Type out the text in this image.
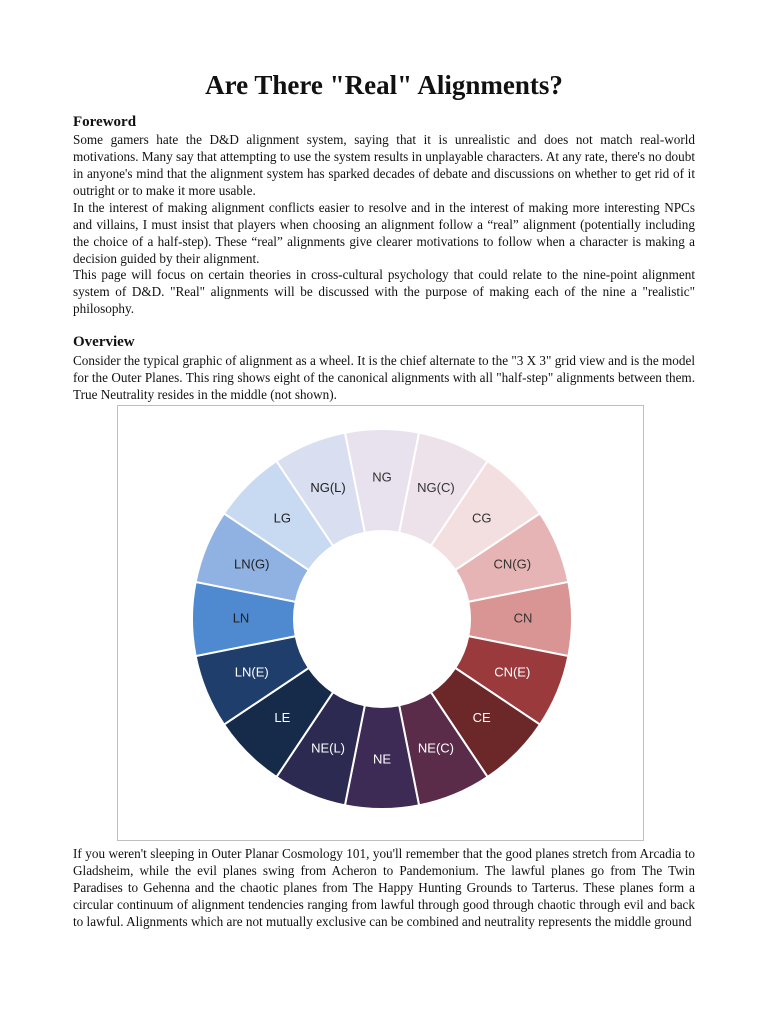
Are There "Real" Alignments?
Foreword

Some gamers hate the D&D alignment system, saying that it is unrealistic and does not match real-world motivations. Many say that attempting to use the system results in unplayable characters. At any rate, there's no doubt in anyone's mind that the alignment system has sparked decades of debate and discussions on whether to get rid of it outright or to make it more usable.

In the interest of making alignment conflicts easier to resolve and in the interest of making more interesting NPCs and villains, I must insist that players when choosing an alignment follow a “real” alignment (potentially including the choice of a half-step). These “real” alignments give clearer motivations to follow when a character is making a decision guided by their alignment.

This page will focus on certain theories in cross-cultural psychology that could relate to the nine-point alignment system of D&D. "Real" alignments will be discussed with the purpose of making each of the nine a "realistic" philosophy.

Overview

Consider the typical graphic of alignment as a wheel. It is the chief alternate to the "3 X 3" grid view and is the model for the Outer Planes. This ring shows eight of the canonical alignments with all "half-step" alignments between them. True Neutrality resides in the middle (not shown).

NG
NG(C)
CG
CN(G)
CN
CN(E)
CE
NE(C)
NE
NE(L)
LE
LN(E)
LN
LN(G)
LG
NG(L)

If you weren't sleeping in Outer Planar Cosmology 101, you'll remember that the good planes stretch from Arcadia to Gladsheim, while the evil planes swing from Acheron to Pandemonium. The lawful planes go from The Twin Paradises to Gehenna and the chaotic planes from The Happy Hunting Grounds to Tarterus. These planes form a circular continuum of alignment tendencies ranging from lawful through good through chaotic through evil and back to lawful. Alignments which are not mutually exclusive can be combined and neutrality represents the middle ground
